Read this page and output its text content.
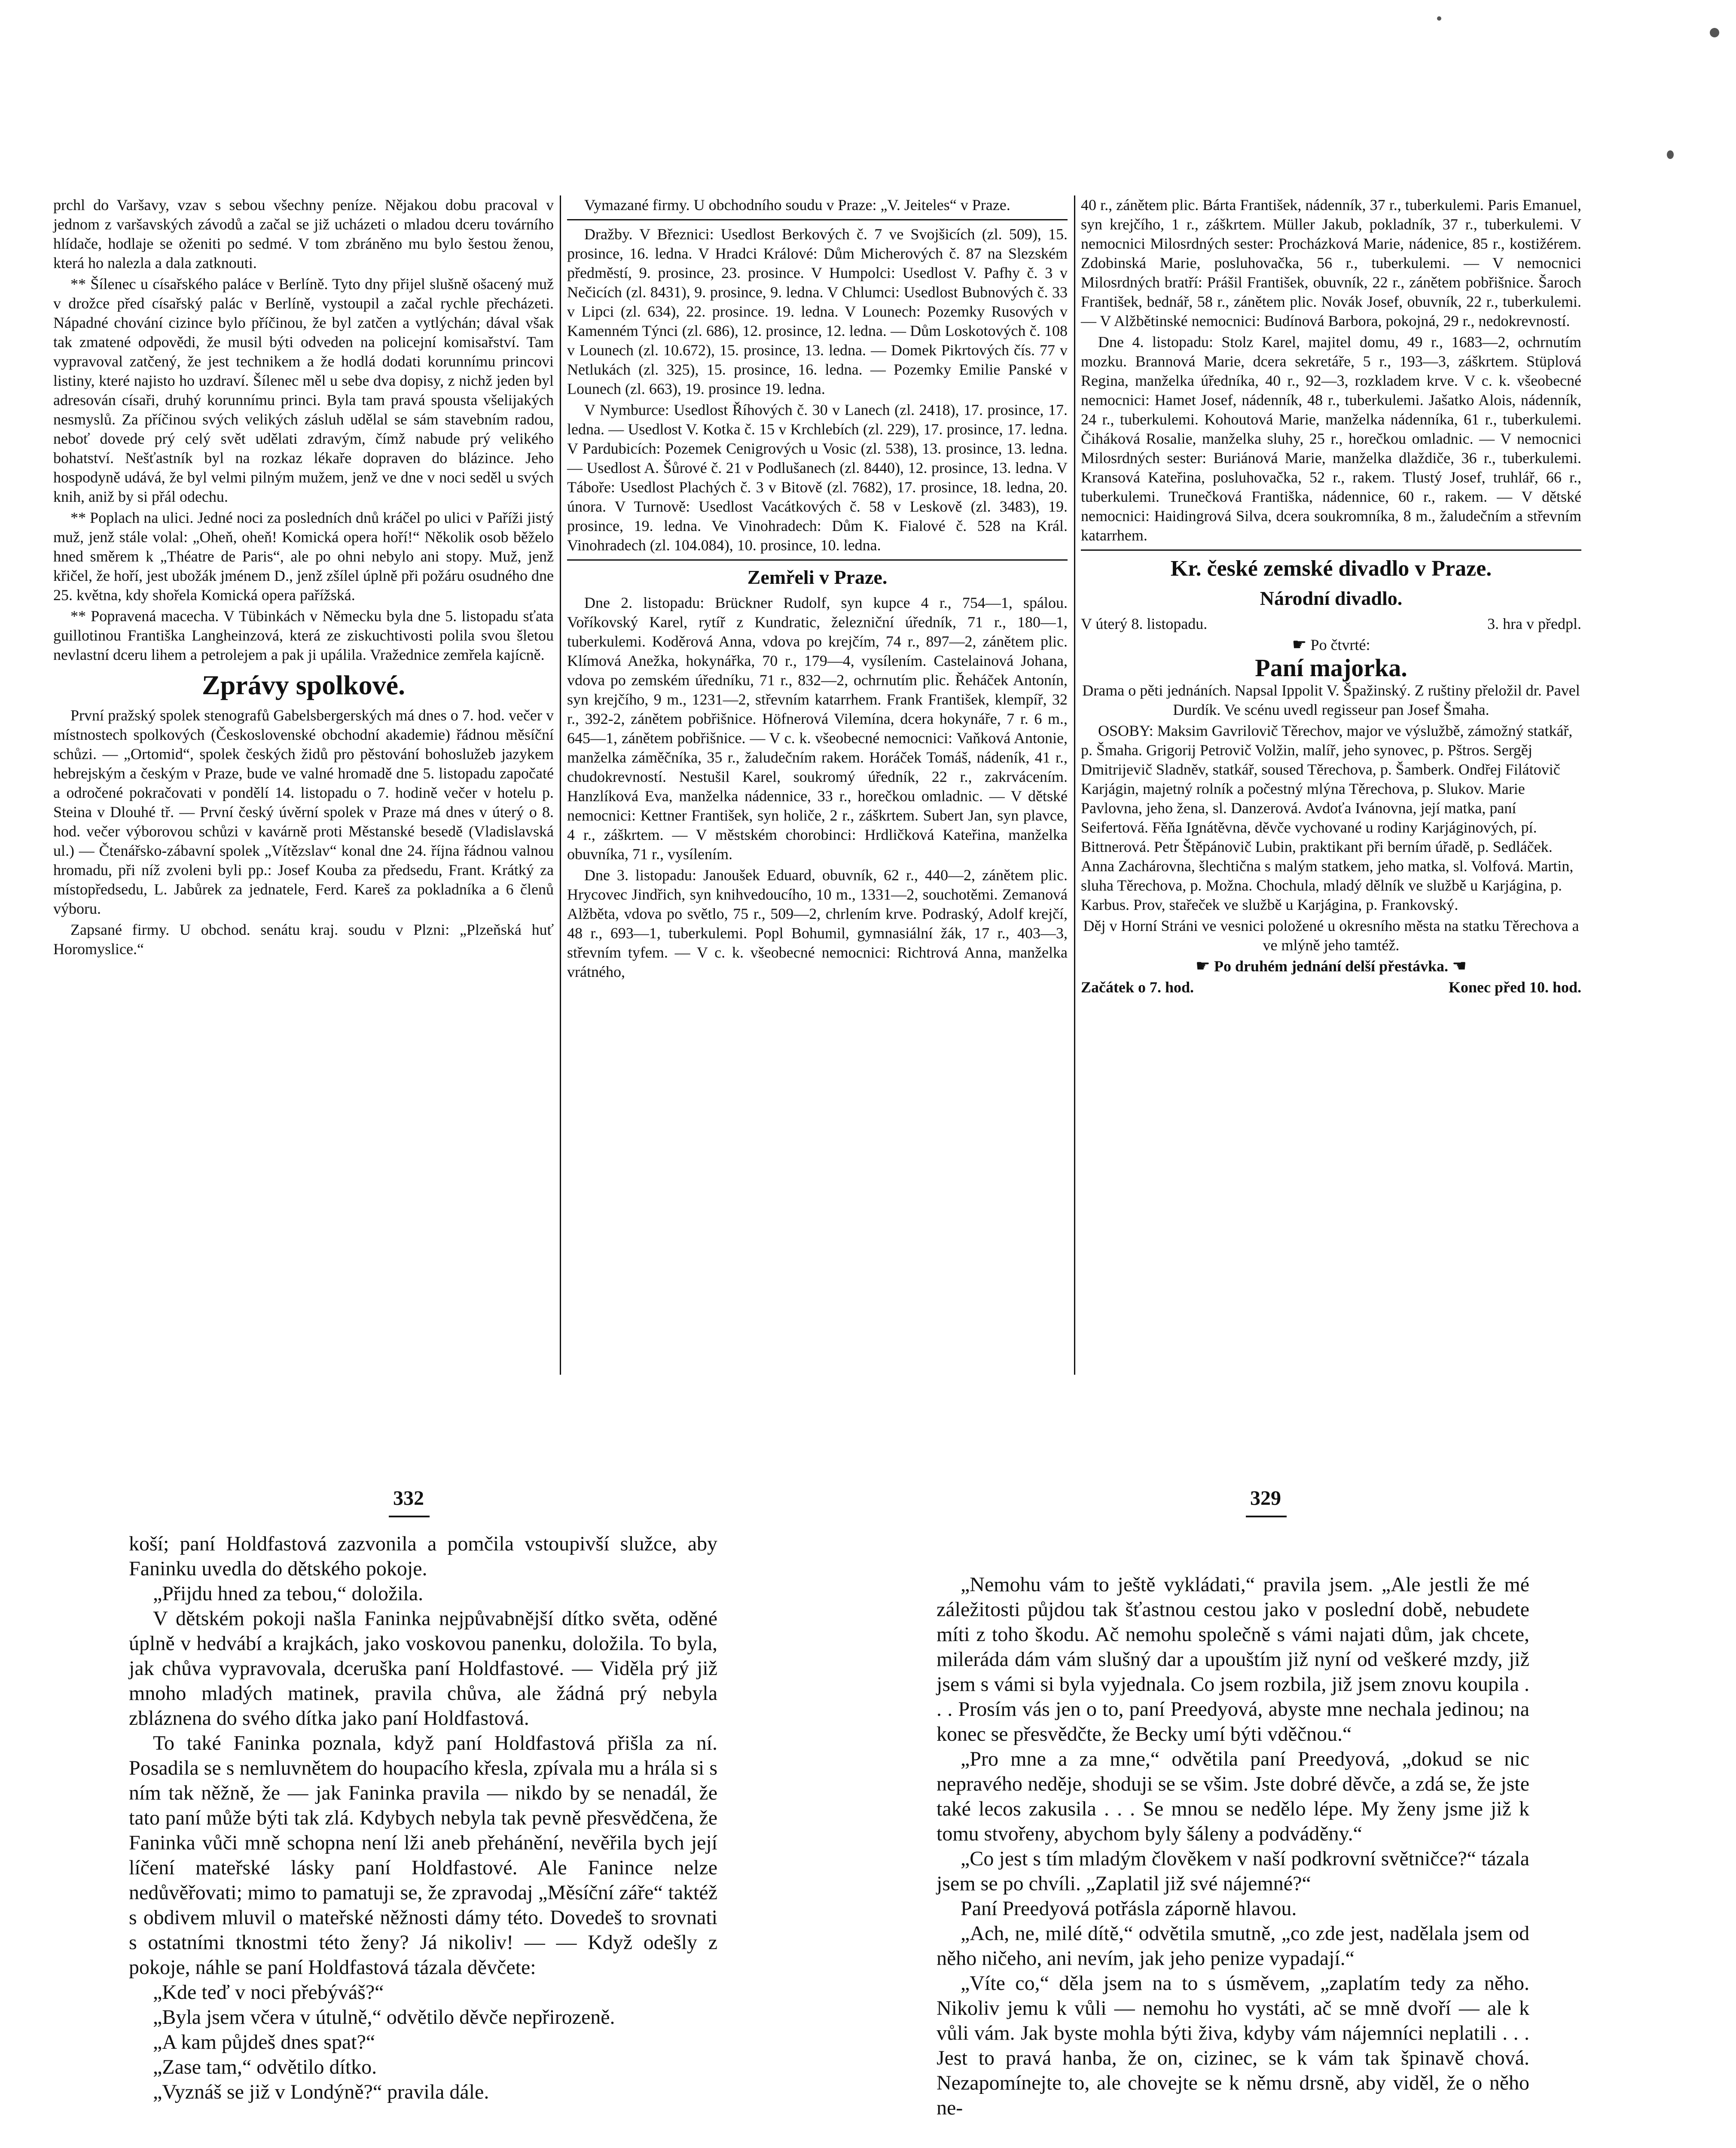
prchl do Varšavy, vzav s sebou všechny peníze. Nějakou dobu pracoval v jednom z varšavských závodů a začal se již ucházeti o mladou dceru továrního hlídače, hodlaje se oženiti po sedmé. V tom zbráněno mu bylo šestou ženou, která ho nalezla a dala zatknouti.

** Šílenec u císařského paláce v Berlíně. Tyto dny přijel slušně ošacený muž v drožce před císařský palác v Berlíně, vystoupil a začal rychle přecházeti. Nápadné chování cizince bylo příčinou, že byl zatčen a vytlýchán; dával však tak zmatené odpovědi, že musil býti odveden na policejní komisařství. Tam vypravoval zatčený, že jest technikem a že hodlá dodati korunnímu princovi listiny, které najisto ho uzdraví. Šílenec měl u sebe dva dopisy, z nichž jeden byl adresován císaři, druhý korunnímu princi. Byla tam pravá spousta všelijakých nesmyslů. Za příčinou svých velikých zásluh udělal se sám stavebním radou, neboť dovede prý celý svět udělati zdravým, čímž nabude prý velikého bohatství. Nešťastník byl na rozkaz lékaře dopraven do blázince. Jeho hospodyně udává, že byl velmi pilným mužem, jenž ve dne v noci seděl u svých knih, aniž by si přál odechu.

** Poplach na ulici. Jedné noci za posledních dnů kráčel po ulici v Paříži jistý muž, jenž stále volal: „Oheň, oheň! Komická opera hoří!“ Několik osob běželo hned směrem k „Théatre de Paris“, ale po ohni nebylo ani stopy. Muž, jenž křičel, že hoří, jest ubožák jménem D., jenž zšílel úplně při požáru osudného dne 25. května, kdy shořela Komická opera pařížská.

** Popravená macecha. V Tübinkách v Německu byla dne 5. listopadu sťata guillotinou Františka Langheinzová, která ze ziskuchtivosti polila svou šletou nevlastní dceru lihem a petrolejem a pak ji upálila. Vražednice zemřela kajícně.

Zprávy spolkové.

První pražský spolek stenografů Gabelsbergerských má dnes o 7. hod. večer v místnostech spolkových (Československé obchodní akademie) řádnou měsíční schůzi. — „Ortomid“, spolek českých židů pro pěstování bohoslužeb jazykem hebrejským a českým v Praze, bude ve valné hromadě dne 5. listopadu započaté a odročené pokračovati v pondělí 14. listopadu o 7. hodině večer v hotelu p. Steina v Dlouhé tř. — První český úvěrní spolek v Praze má dnes v úterý o 8. hod. večer výborovou schůzi v kavárně proti Městanské besedě (Vladislavská ul.) — Čtenářsko-zábavní spolek „Vítězslav“ konal dne 24. října řádnou valnou hromadu, při níž zvoleni byli pp.: Josef Kouba za předsedu, Frant. Krátký za místopředsedu, L. Jabůrek za jednatele, Ferd. Kareš za pokladníka a 6 členů výboru.

Zapsané firmy. U obchod. senátu kraj. soudu v Plzni: „Plzeňská huť Horomyslice.“

Vymazané firmy. U obchodního soudu v Praze: „V. Jeiteles“ v Praze.

Dražby. V Březnici: Usedlost Berkových č. 7 ve Svojšicích (zl. 509), 15. prosince, 16. ledna. V Hradci Králové: Dům Micherových č. 87 na Slezském předměstí, 9. prosince, 23. prosince. V Humpolci: Usedlost V. Pafhy č. 3 v Nečicích (zl. 8431), 9. prosince, 9. ledna. V Chlumci: Usedlost Bubnových č. 33 v Lipci (zl. 634), 22. prosince. 19. ledna. V Lounech: Pozemky Rusových v Kamenném Týnci (zl. 686), 12. prosince, 12. ledna. — Dům Loskotových č. 108 v Lounech (zl. 10.672), 15. prosince, 13. ledna. — Domek Pikrtových čís. 77 v Netlukách (zl. 325), 15. prosince, 16. ledna. — Pozemky Emilie Panské v Lounech (zl. 663), 19. prosince 19. ledna.

V Nymburce: Usedlost Říhových č. 30 v Lanech (zl. 2418), 17. prosince, 17. ledna. — Usedlost V. Kotka č. 15 v Krchlebích (zl. 229), 17. prosince, 17. ledna. V Pardubicích: Pozemek Cenigrových u Vosic (zl. 538), 13. prosince, 13. ledna. — Usedlost A. Šůrové č. 21 v Podlušanech (zl. 8440), 12. prosince, 13. ledna. V Táboře: Usedlost Plachých č. 3 v Bitově (zl. 7682), 17. prosince, 18. ledna, 20. února. V Turnově: Usedlost Vacátkových č. 58 v Leskově (zl. 3483), 19. prosince, 19. ledna. Ve Vinohradech: Dům K. Fialové č. 528 na Král. Vinohradech (zl. 104.084), 10. prosince, 10. ledna.

Zemřeli v Praze.

Dne 2. listopadu: Brückner Rudolf, syn kupce 4 r., 754—1, spálou. Voříkovský Karel, rytíř z Kundratic, železniční úředník, 71 r., 180—1, tuberkulemi. Koděrová Anna, vdova po krejčím, 74 r., 897—2, zánětem plic. Klímová Anežka, hokynářka, 70 r., 179—4, vysílením. Castelainová Johana, vdova po zemském úředníku, 71 r., 832—2, ochrnutím plic. Řeháček Antonín, syn krejčího, 9 m., 1231—2, střevním katarrhem. Frank František, klempíř, 32 r., 392-2, zánětem pobřišnice. Höfnerová Vilemína, dcera hokynáře, 7 r. 6 m., 645—1, zánětem pobřišnice. — V c. k. všeobecné nemocnici: Vaňková Antonie, manželka záměčníka, 35 r., žaludečním rakem. Horáček Tomáš, nádeník, 41 r., chudokrevností. Nestušil Karel, soukromý úředník, 22 r., zakrvácením. Hanzlíková Eva, manželka nádennice, 33 r., horečkou omladnic. — V dětské nemocnici: Kettner František, syn holiče, 2 r., záškrtem. Subert Jan, syn plavce, 4 r., záškrtem. — V městském chorobinci: Hrdličková Kateřina, manželka obuvníka, 71 r., vysílením.

Dne 3. listopadu: Janoušek Eduard, obuvník, 62 r., 440—2, zánětem plic. Hrycovec Jindřich, syn knihvedoucího, 10 m., 1331—2, souchotěmi. Zemanová Alžběta, vdova po světlo, 75 r., 509—2, chrlením krve. Podraský, Adolf krejčí, 48 r., 693—1, tuberkulemi. Popl Bohumil, gymnasiální žák, 17 r., 403—3, střevním tyfem. — V c. k. všeobecné nemocnici: Richtrová Anna, manželka vrátného,

40 r., zánětem plic. Bárta František, nádenník, 37 r., tuberkulemi. Paris Emanuel, syn krejčího, 1 r., záškrtem. Müller Jakub, pokladník, 37 r., tuberkulemi. V nemocnici Milosrdných sester: Procházková Marie, nádenice, 85 r., kostižérem. Zdobinská Marie, posluhovačka, 56 r., tuberkulemi. — V nemocnici Milosrdných bratří: Prášil František, obuvník, 22 r., zánětem pobřišnice. Šaroch František, bednář, 58 r., zánětem plic. Novák Josef, obuvník, 22 r., tuberkulemi. — V Alžbětinské nemocnici: Budínová Barbora, pokojná, 29 r., nedokrevností.

Dne 4. listopadu: Stolz Karel, majitel domu, 49 r., 1683—2, ochrnutím mozku. Brannová Marie, dcera sekretáře, 5 r., 193—3, záškrtem. Stüplová Regina, manželka úředníka, 40 r., 92—3, rozkladem krve. V c. k. všeobecné nemocnici: Hamet Josef, nádenník, 48 r., tuberkulemi. Jašatko Alois, nádenník, 24 r., tuberkulemi. Kohoutová Marie, manželka nádenníka, 61 r., tuberkulemi. Čiháková Rosalie, manželka sluhy, 25 r., horečkou omladnic. — V nemocnici Milosrdných sester: Buriánová Marie, manželka dlaždiče, 36 r., tuberkulemi. Kransová Kateřina, posluhovačka, 52 r., rakem. Tlustý Josef, truhlář, 66 r., tuberkulemi. Trunečková Františka, nádennice, 60 r., rakem. — V dětské nemocnici: Haidingrová Silva, dcera soukromníka, 8 m., žaludečním a střevním katarrhem.

Kr. české zemské divadlo v Praze.
Národní divadlo.

V úterý 8. listopadu.	3. hra v předpl.

☛ Po čtvrté:

Paní majorka.

Drama o pěti jednáních. Napsal Ippolit V. Špažinský. Z ruštiny přeložil dr. Pavel Durdík. Ve scénu uvedl regisseur pan Josef Šmaha.

OSOBY: Maksim Gavrilovič Těrechov, major ve výslužbě, zámožný statkář, p. Šmaha. Grigorij Petrovič Volžin, malíř, jeho synovec, p. Pštros. Sergěj Dmitrijevič Sladněv, statkář, soused Těrechova, p. Šamberk. Ondřej Filátovič Karjágin, majetný rolník a počestný mlýna Těrechova, p. Slukov. Marie Pavlovna, jeho žena, sl. Danzerová. Avdoťa Ivánovna, její matka, paní Seifertová. Fěňa Ignátěvna, děvče vychované u rodiny Karjáginových, pí. Bittnerová. Petr Štěpánovič Lubin, praktikant při berním úřadě, p. Sedláček. Anna Zachárovna, šlechtična s malým statkem, jeho matka, sl. Volfová. Martin, sluha Těrechova, p. Možna. Chochula, mladý dělník ve službě u Karjágina, p. Karbus. Prov, stařeček ve službě u Karjágina, p. Frankovský.

Děj v Horní Stráni ve vesnici položené u okresního města na statku Těrechova a ve mlýně jeho tamtéž.

☛ Po druhém jednání delší přestávka. ☚

Začátek o 7. hod.	Konec před 10. hod.

332	329

koší; paní Holdfastová zazvonila a pomčila vstoupivší služce, aby Faninku uvedla do dětského pokoje.

„Přijdu hned za tebou,“ doložila.

V dětském pokoji našla Faninka nejpůvabnější dítko světa, oděné úplně v hedvábí a krajkách, jako voskovou panenku, doložila. To byla, jak chůva vypravovala, dceruška paní Holdfastové. — Viděla prý již mnoho mladých matinek, pravila chůva, ale žádná prý nebyla zbláznena do svého dítka jako paní Holdfastová.

To také Faninka poznala, když paní Holdfastová přišla za ní. Posadila se s nemluvnětem do houpacího křesla, zpívala mu a hrála si s ním tak něžně, že — jak Faninka pravila — nikdo by se nenadál, že tato paní může býti tak zlá. Kdybych nebyla tak pevně přesvědčena, že Faninka vůči mně schopna není lži aneb přehánění, nevěřila bych její líčení mateřské lásky paní Holdfastové. Ale Fanince nelze nedůvěřovati; mimo to pamatuji se, že zpravodaj „Měsíční záře“ taktéž s obdivem mluvil o mateřské něžnosti dámy této. Dovedeš to srovnati s ostatními tknostmi této ženy? Já nikoliv! — — Když odešly z pokoje, náhle se paní Holdfastová tázala děvčete:

„Kde teď v noci přebýváš?“

„Byla jsem včera v útulně,“ odvětilo děvče nepřirozeně.

„A kam půjdeš dnes spat?“

„Zase tam,“ odvětilo dítko.

„Vyznáš se již v Londýně?“ pravila dále.

„Nemohu vám to ještě vykládati,“ pravila jsem. „Ale jestli že mé záležitosti půjdou tak šťastnou cestou jako v poslední době, nebudete míti z toho škodu. Ač nemohu společně s vámi najati dům, jak chcete, milerádа dám vám slušný dar a upouštím již nyní od veškeré mzdy, již jsem s vámi si byla vyjednala. Co jsem rozbila, již jsem znovu koupila . . . Prosím vás jen o to, paní Preedyová, abyste mne nechala jedinou; na konec se přesvědčte, že Becky umí býti vděčnou.“

„Pro mne a za mne,“ odvětila paní Preedyová, „dokud se nic nepravého neděje, shoduji se se všim. Jste dobré děvče, a zdá se, že jste také lecos zakusila . . . Se mnou se nedělo lépe. My ženy jsme již k tomu stvořeny, abychom byly šáleny a podváděny.“

„Co jest s tím mladým člověkem v naší podkrovní světničce?“ tázala jsem se po chvíli. „Zaplatil již své nájemné?“

Paní Preedyová potřásla záporně hlavou.

„Ach, ne, milé dítě,“ odvětila smutně, „co zde jest, nadělala jsem od něho ničeho, ani nevím, jak jeho penize vypadají.“

„Víte co,“ děla jsem na to s úsměvem, „zaplatím tedy za něho. Nikoliv jemu k vůli — nemohu ho vystáti, ač se mně dvoří — ale k vůli vám. Jak byste mohla býti živa, kdyby vám nájemníci neplatili . . . Jest to pravá hanba, že on, cizinec, se k vám tak špinavě chová. Nezapomínejte to, ale chovejte se k němu drsně, aby viděl, že o něho ne-
